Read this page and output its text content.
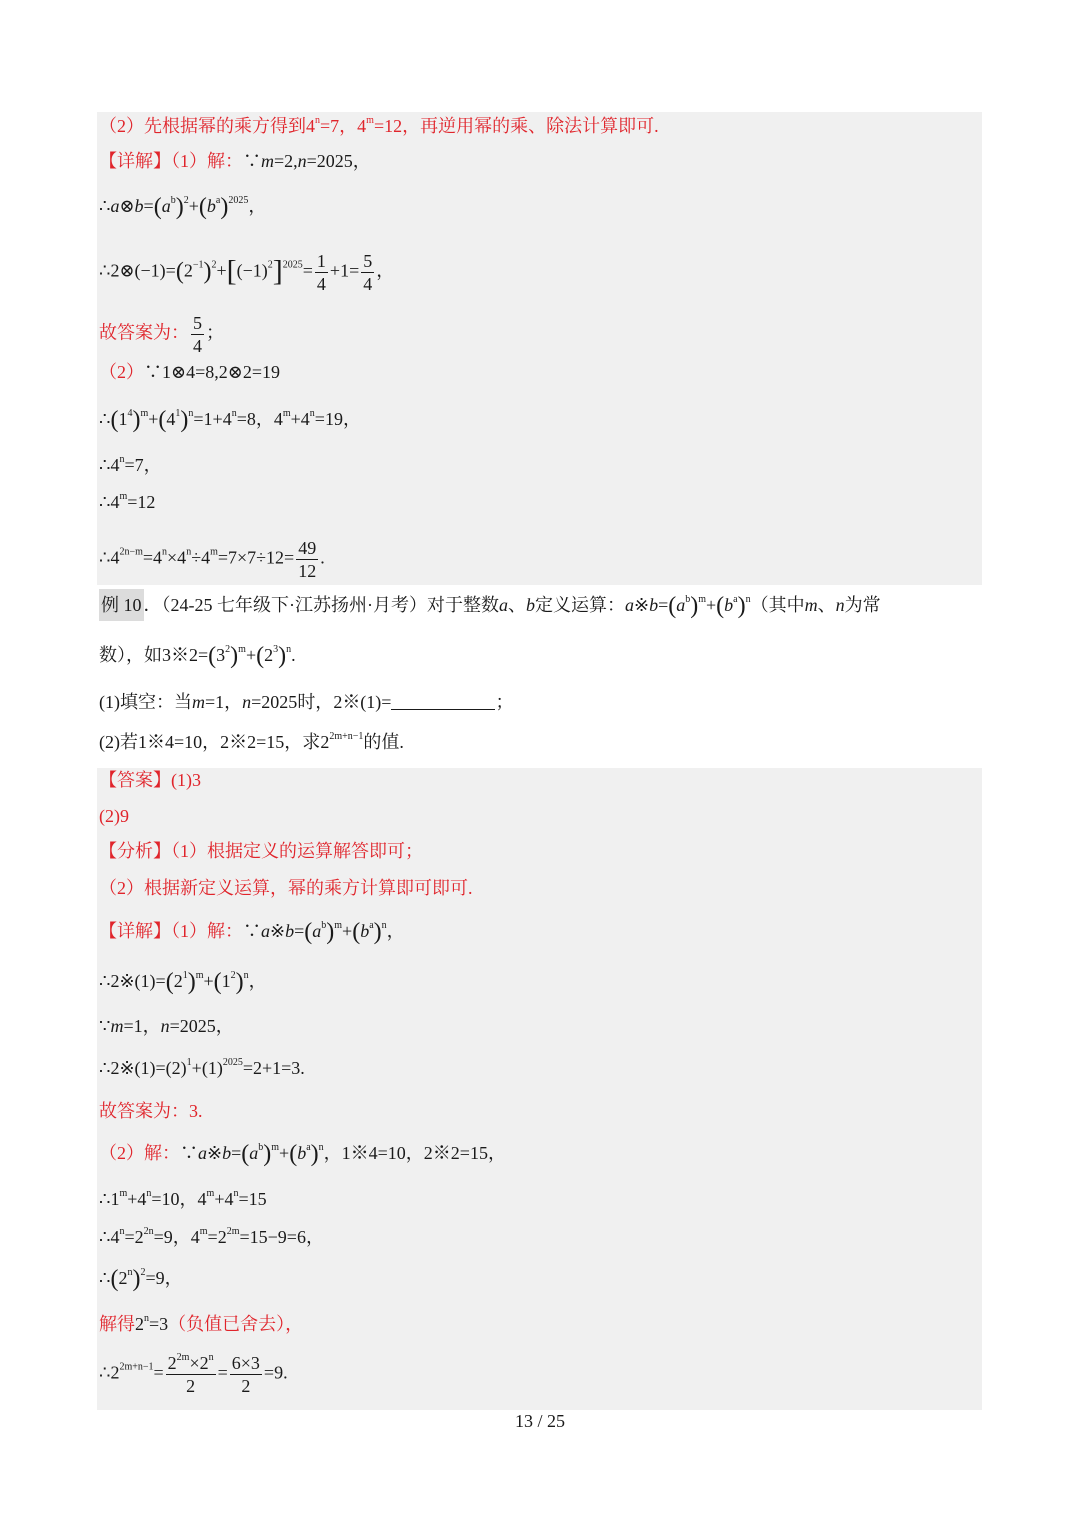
（2）先根据幂的乘方得到$4^n=7$，$4^m=12$，再逆用幂的乘、除法计算即可.
【详解】（1）解：∵m=2,n=2025，
$\therefore a\otimes b=(a^b)^2+(b^a)^{2025}$，
$\therefore 2\otimes(-1)=(2^{-1})^2+[(-1)^2]^{2025}= \frac{1}{4} +1= \frac{5}{4}$ ，
故答案为： $\frac{5}{4}$ ；
（2）∵1⊗4=8,2⊗2=19
$\therefore(1^4)^m+(4^1)^n=1+4^n=8$，$4^m+4^n=19$，
$\therefore 4^n=7$，
$\therefore 4^m=12$
$\therefore 4^{2n-m}=4^n\times 4^n\div 4^m=7\times 7\div 12= \frac{49}{12}$ .
例 10 ．（24-25 七年级下·江苏扬州·月考）对于整数a、b定义运算：$a※b=(a^b)^m+(b^a)^n$（其中m、n为常
数），如$3※2=(3^2)^m+(2^3)^n$.
(1)填空：当m=1，n=2025时，2※(1)=	；
(2)若1※4=10，2※2=15，求$2^{2m+n-1}$的值.
【答案】(1)3
(2)9
【分析】（1）根据定义的运算解答即可；
（2）根据新定义运算，幂的乘方计算即可即可.
【详解】（1）解：$\because a※b=(a^b)^m+(b^a)^n$，
$\therefore 2※(1)=(2^1)^m+(1^2)^n$，
∵m=1，n=2025，
$\therefore 2※(1)=(2)^1+(1)^{2025}=2+1=3$.
故答案为：3.
（2）解：$\because a※b=(a^b)^m+(b^a)^n$，1※4=10，2※2=15，
$\therefore 1^m+4^n=10$，$4^m+4^n=15$
$\therefore 4^n=2^{2n}=9$，$4^m=2^{2m}=15-9=6$，
$\therefore(2^n)^2=9$，
解得$2^n=3$（负值已舍去），
$\therefore 2^{2m+n-1}= \frac{2^{2m}\times 2^n}{2} = \frac{6\times 3}{2} =9$.
13 / 25
